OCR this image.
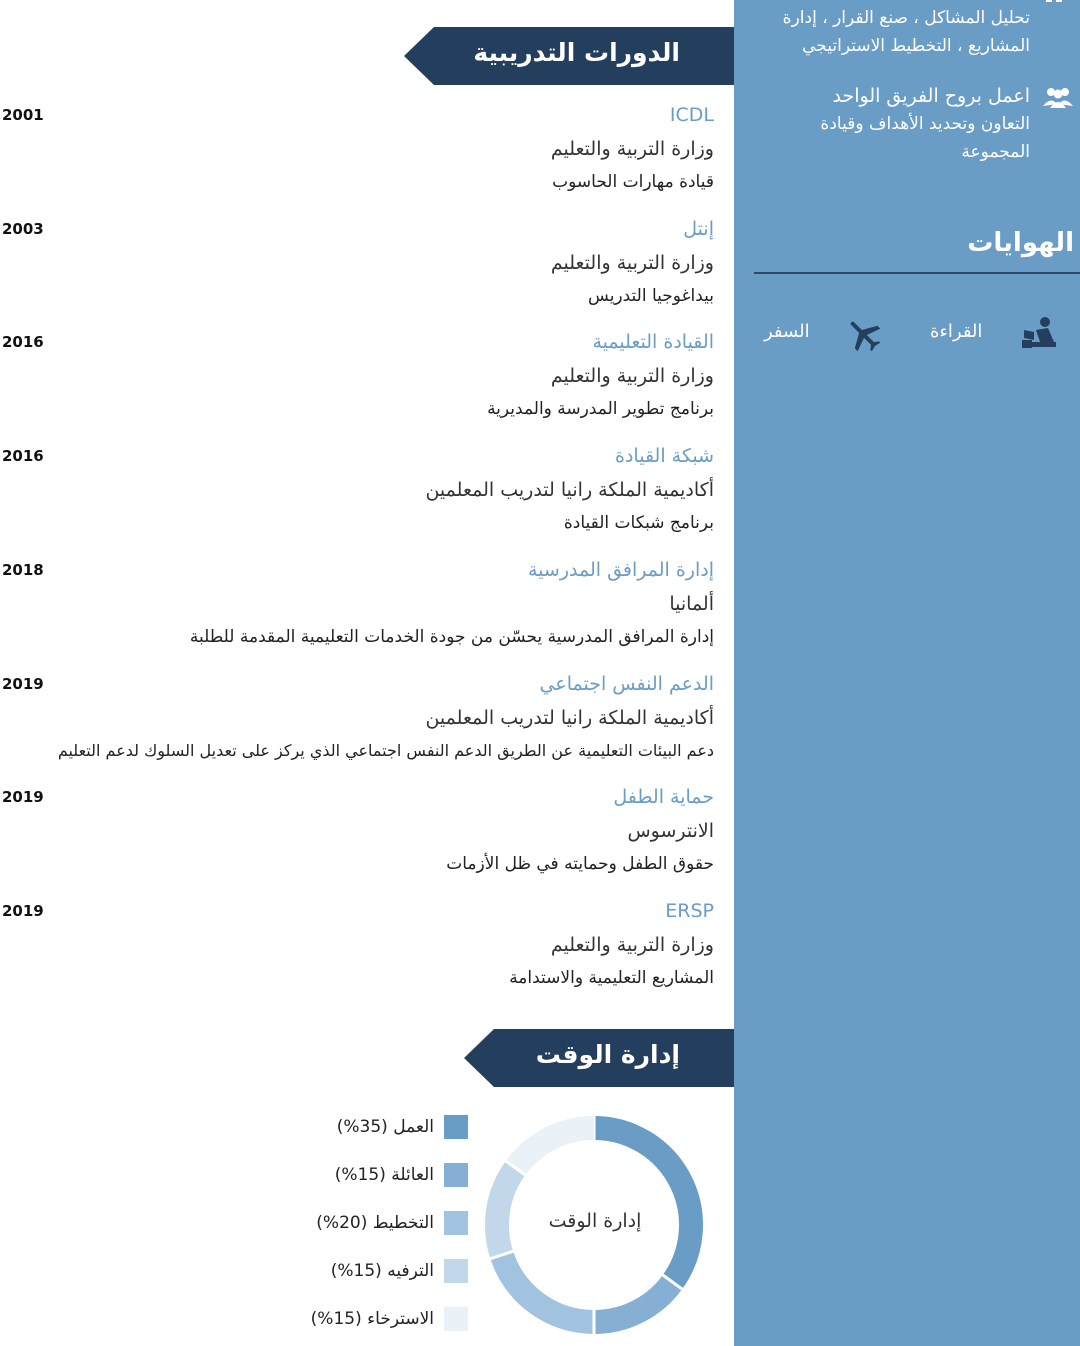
تحليل المشاكل ، صنع القرار ، إدارة المشاريع ، التخطيط الاستراتيجي
اعمل بروح الفريق الواحد
التعاون وتحديد الأهداف وقيادة المجموعة
الهوايات
القراءة
السفر
الدورات التدريبية
2001	ICDL
وزارة التربية والتعليم
قيادة مهارات الحاسوب
2003	إنتل
وزارة التربية والتعليم
بيداغوجيا التدريس
2016	القيادة التعليمية
وزارة التربية والتعليم
برنامج تطوير المدرسة والمديرية
2016	شبكة القيادة
أكاديمية الملكة رانيا لتدريب المعلمين
برنامج شبكات القيادة
2018	إدارة المرافق المدرسية
ألمانيا
إدارة المرافق المدرسية يحسّن من جودة الخدمات التعليمية المقدمة للطلبة
2019	الدعم النفس اجتماعي
أكاديمية الملكة رانيا لتدريب المعلمين
دعم البيئات التعليمية عن الطريق الدعم النفس اجتماعي الذي يركز على تعديل السلوك لدعم التعليم
2019	حماية الطفل
الانترسوس
حقوق الطفل وحمايته في ظل الأزمات
2019	ERSP
وزارة التربية والتعليم
المشاريع التعليمية والاستدامة
إدارة الوقت
العمل (35%)
العائلة (15%)
التخطيط (20%)
الترفيه (15%)
الاسترخاء (15%)
إدارة الوقت
